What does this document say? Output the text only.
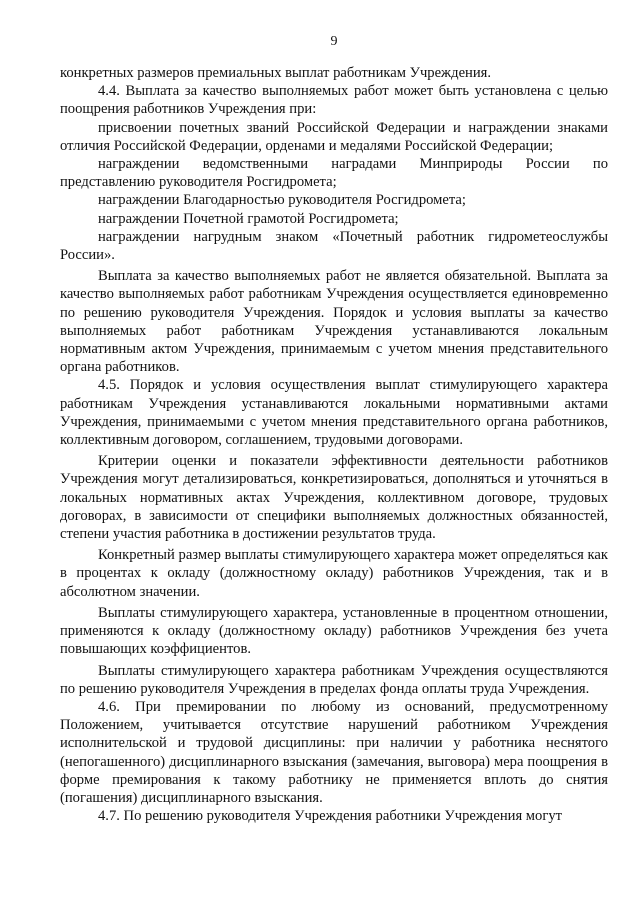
9

конкретных размеров премиальных выплат работникам Учреждения.

4.4. Выплата за качество выполняемых работ может быть установлена с целью поощрения работников Учреждения при:

присвоении почетных званий Российской Федерации и награждении знаками отличия Российской Федерации, орденами и медалями Российской Федерации;

награждении ведомственными наградами Минприроды России по представлению руководителя Росгидромета;

награждении Благодарностью руководителя Росгидромета;

награждении Почетной грамотой Росгидромета;

награждении нагрудным знаком «Почетный работник гидрометеослужбы России».

Выплата за качество выполняемых работ не является обязательной. Выплата за качество выполняемых работ работникам Учреждения осуществляется единовременно по решению руководителя Учреждения. Порядок и условия выплаты за качество выполняемых работ работникам Учреждения устанавливаются локальным нормативным актом Учреждения, принимаемым с учетом мнения представительного органа работников.

4.5. Порядок и условия осуществления выплат стимулирующего характера работникам Учреждения устанавливаются локальными нормативными актами Учреждения, принимаемыми с учетом мнения представительного органа работников, коллективным договором, соглашением, трудовыми договорами.

Критерии оценки и показатели эффективности деятельности работников Учреждения могут детализироваться, конкретизироваться, дополняться и уточняться в локальных нормативных актах Учреждения, коллективном договоре, трудовых договорах, в зависимости от специфики выполняемых должностных обязанностей, степени участия работника в достижении результатов труда.

Конкретный размер выплаты стимулирующего характера может определяться как в процентах к окладу (должностному окладу) работников Учреждения, так и в абсолютном значении.

Выплаты стимулирующего характера, установленные в процентном отношении, применяются к окладу (должностному окладу) работников Учреждения без учета повышающих коэффициентов.

Выплаты стимулирующего характера работникам Учреждения осуществляются по решению руководителя Учреждения в пределах фонда оплаты труда Учреждения.

4.6. При премировании по любому из оснований, предусмотренному Положением, учитывается отсутствие нарушений работником Учреждения исполнительской и трудовой дисциплины: при наличии у работника неснятого (непогашенного) дисциплинарного взыскания (замечания, выговора) мера поощрения в форме премирования к такому работнику не применяется вплоть до снятия (погашения) дисциплинарного взыскания.

4.7. По решению руководителя Учреждения работники Учреждения могут
